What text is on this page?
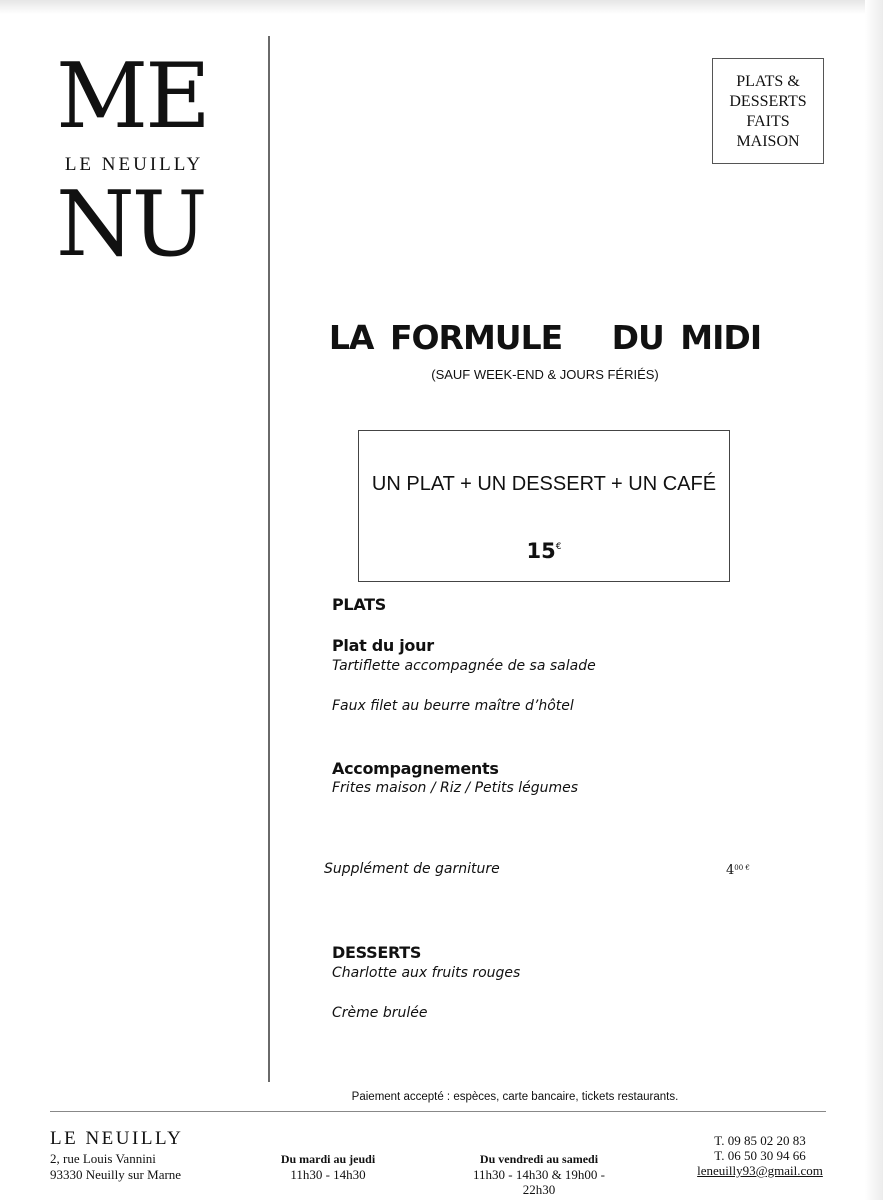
ME
LE NEUILLY
NU
PLATS &
DESSERTS
FAITS
MAISON
LA FORMULE   DU MIDI
(SAUF WEEK-END & JOURS FÉRIÉS)
UN PLAT + UN DESSERT + UN CAFÉ
15€
PLATS
Plat du jour
Tartiflette accompagnée de sa salade
Faux filet au beurre maître d’hôtel
Accompagnements
Frites maison / Riz / Petits légumes
Supplément de garniture	$4^{00 €}$
DESSERTS
Charlotte aux fruits rouges
Crème brulée
Paiement accepté : espèces, carte bancaire, tickets restaurants.
LE NEUILLY
2, rue Louis Vannini
93330 Neuilly sur Marne
Du mardi au jeudi
11h30 - 14h30
Du vendredi au samedi
11h30 - 14h30 & 19h00 -
22h30
T. 09 85 02 20 83
T. 06 50 30 94 66
leneuilly93@gmail.com
